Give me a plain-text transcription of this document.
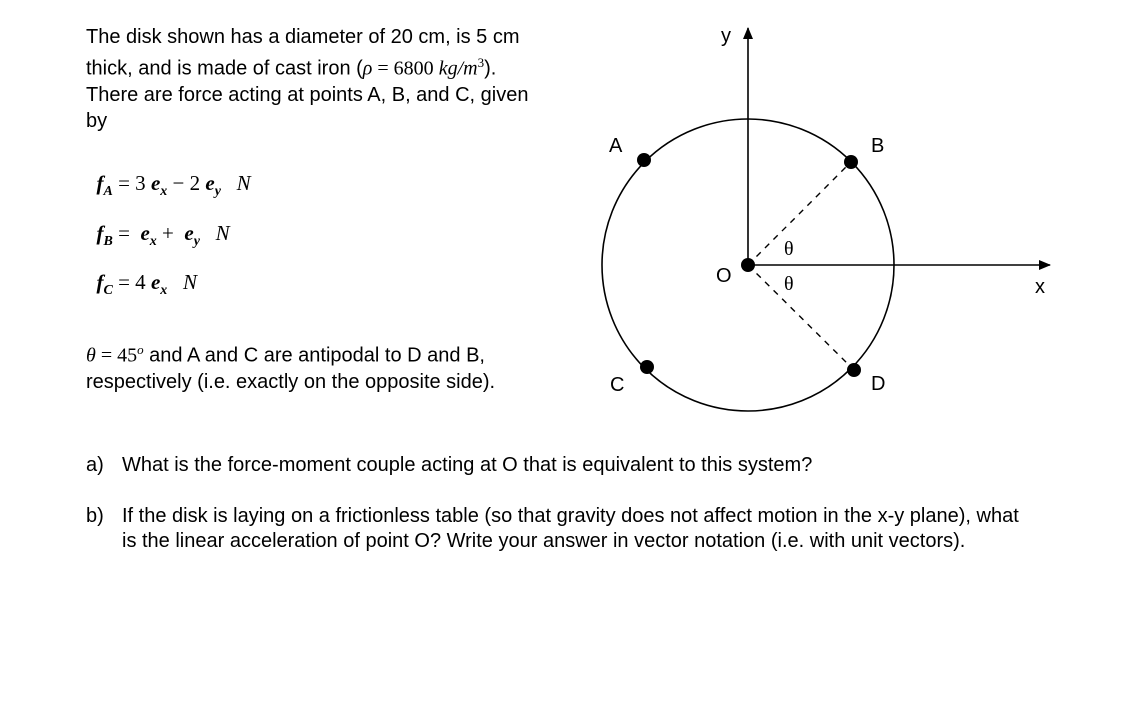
The disk shown has a diameter of 20 cm, is 5 cm
thick, and is made of cast iron (ρ = 6800 $kg/m^3$).
There are force acting at points A, B, and C, given
by

$f_A = 3$ $e_x - 2$ $e_y$ N

$f_B = e_x + e_y$ N

$f_C = 4$ $e_x$ N

$\theta = 45^o$ and A and C are antipodal to D and B,
respectively (i.e. exactly on the opposite side).
y
x
A	B
C	D
O
θ
θ
a) What is the force-moment couple acting at O that is equivalent to this system?
b) If the disk is laying on a frictionless table (so that gravity does not affect motion in the x-y plane), what is the linear acceleration of point O? Write your answer in vector notation (i.e. with unit vectors).
